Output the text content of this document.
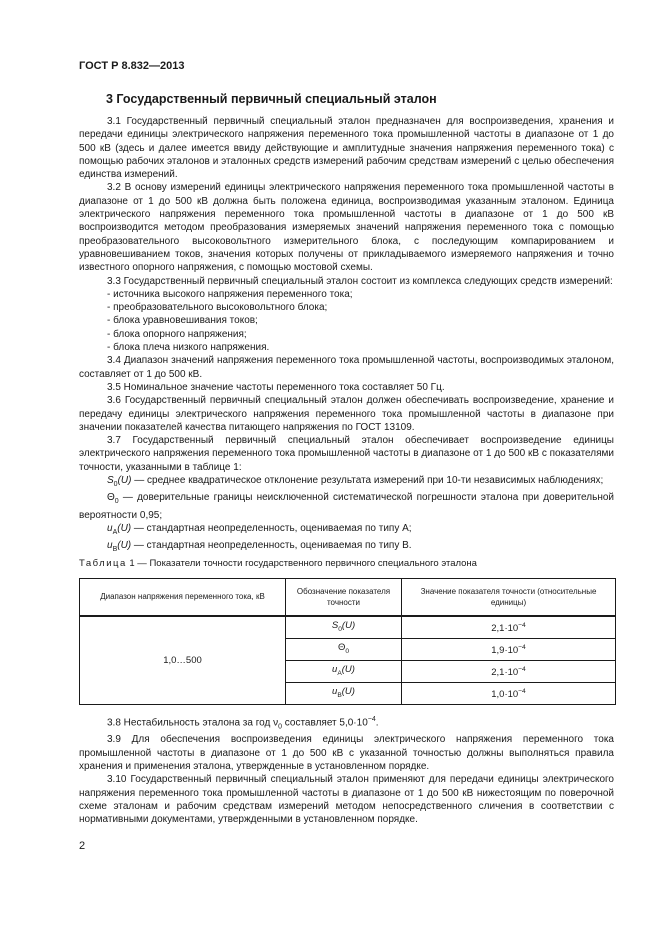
ГОСТ Р 8.832—2013
3 Государственный первичный специальный эталон

3.1 Государственный первичный специальный эталон предназначен для воспроизведения, хранения и передачи единицы электрического напряжения переменного тока промышленной частоты в диапазоне от 1 до 500 кВ (здесь и далее имеется ввиду действующие и амплитудные значения напряжения переменного тока) с помощью рабочих эталонов и эталонных средств измерений рабочим средствам измерений с целью обеспечения единства измерений.

3.2 В основу измерений единицы электрического напряжения переменного тока промышленной частоты в диапазоне от 1 до 500 кВ должна быть положена единица, воспроизводимая указанным эталоном. Единица электрического напряжения переменного тока промышленной частоты в диапазоне от 1 до 500 кВ воспроизводится методом преобразования измеряемых значений напряжения переменного тока с помощью преобразовательного высоковольтного измерительного блока, с последующим компарированием и уравновешиванием токов, значения которых получены от прикладываемого измеряемого напряжения и точно известного опорного напряжения, с помощью мостовой схемы.

3.3 Государственный первичный специальный эталон состоит из комплекса следующих средств измерений:

- источника высокого напряжения переменного тока;

- преобразовательного высоковольтного блока;

- блока уравновешивания токов;

- блока опорного напряжения;

- блока плеча низкого напряжения.

3.4 Диапазон значений напряжения переменного тока промышленной частоты, воспроизводимых эталоном, составляет от 1 до 500 кВ.

3.5 Номинальное значение частоты переменного тока составляет 50 Гц.

3.6 Государственный первичный специальный эталон должен обеспечивать воспроизведение, хранение и передачу единицы электрического напряжения переменного тока промышленной частоты в диапазоне при значении показателей качества питающего напряжения по ГОСТ 13109.

3.7 Государственный первичный специальный эталон обеспечивает воспроизведение единицы электрического напряжения переменного тока промышленной частоты в диапазоне от 1 до 500 кВ с показателями точности, указанными в таблице 1:

$S_0(U)$ — среднее квадратическое отклонение результата измерений при 10-ти независимых наблюдениях;

$\Theta_0$ — доверительные границы неисключенной систематической погрешности эталона при доверительной вероятности 0,95;

$u_A(U)$ — стандартная неопределенность, оцениваемая по типу А;

$u_B(U)$ — стандартная неопределенность, оцениваемая по типу В.

Таблица 1 — Показатели точности государственного первичного специального эталона

Диапазон напряжения переменного тока, кВ	Обозначение показателя точности	Значение показателя точности (относительные единицы)
1,0…500	$S_0(U)$	$2,1\cdot 10^{-4}$
	$\Theta_0$	$1,9\cdot 10^{-4}$
	$u_A(U)$	$2,1\cdot 10^{-4}$
	$u_B(U)$	$1,0\cdot 10^{-4}$

3.8 Нестабильность эталона за год $\nu_0$ составляет $5,0\cdot 10^{-4}$.

3.9 Для обеспечения воспроизведения единицы электрического напряжения переменного тока промышленной частоты в диапазоне от 1 до 500 кВ с указанной точностью должны выполняться правила хранения и применения эталона, утвержденные в установленном порядке.

3.10 Государственный первичный специальный эталон применяют для передачи единицы электрического напряжения переменного тока промышленной частоты в диапазоне от 1 до 500 кВ нижестоящим по поверочной схеме эталонам и рабочим средствам измерений методом непосредственного сличения в соответствии с нормативными документами, утвержденными в установленном порядке.

2
